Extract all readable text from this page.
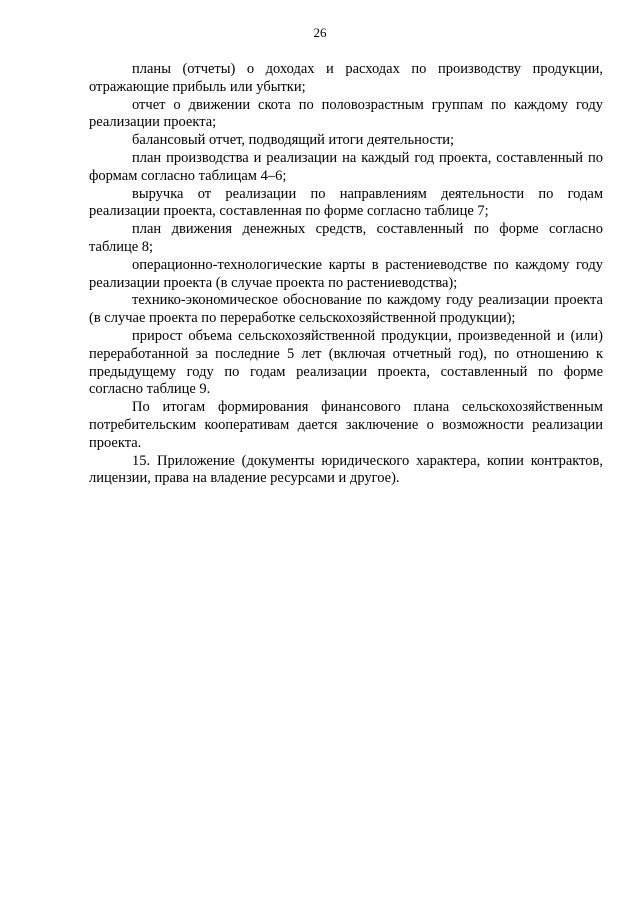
26

планы (отчеты) о доходах и расходах по производству продукции, отражающие прибыль или убытки;

отчет о движении скота по половозрастным группам по каждому году реализации проекта;

балансовый отчет, подводящий итоги деятельности;

план производства и реализации на каждый год проекта, составленный по формам согласно таблицам 4–6;

выручка от реализации по направлениям деятельности по годам реализации проекта, составленная по форме согласно таблице 7;

план движения денежных средств, составленный по форме согласно таблице 8;

операционно-технологические карты в растениеводстве по каждому году реализации проекта (в случае проекта по растениеводства);

технико-экономическое обоснование по каждому году реализации проекта (в случае проекта по переработке сельскохозяйственной продукции);

прирост объема сельскохозяйственной продукции, произведенной и (или) переработанной за последние 5 лет (включая отчетный год), по отношению к предыдущему году по годам реализации проекта, составленный по форме согласно таблице 9.

По итогам формирования финансового плана сельскохозяйственным потребительским кооперативам дается заключение о возможности реализации проекта.

15. Приложение (документы юридического характера, копии контрактов, лицензии, права на владение ресурсами и другое).
